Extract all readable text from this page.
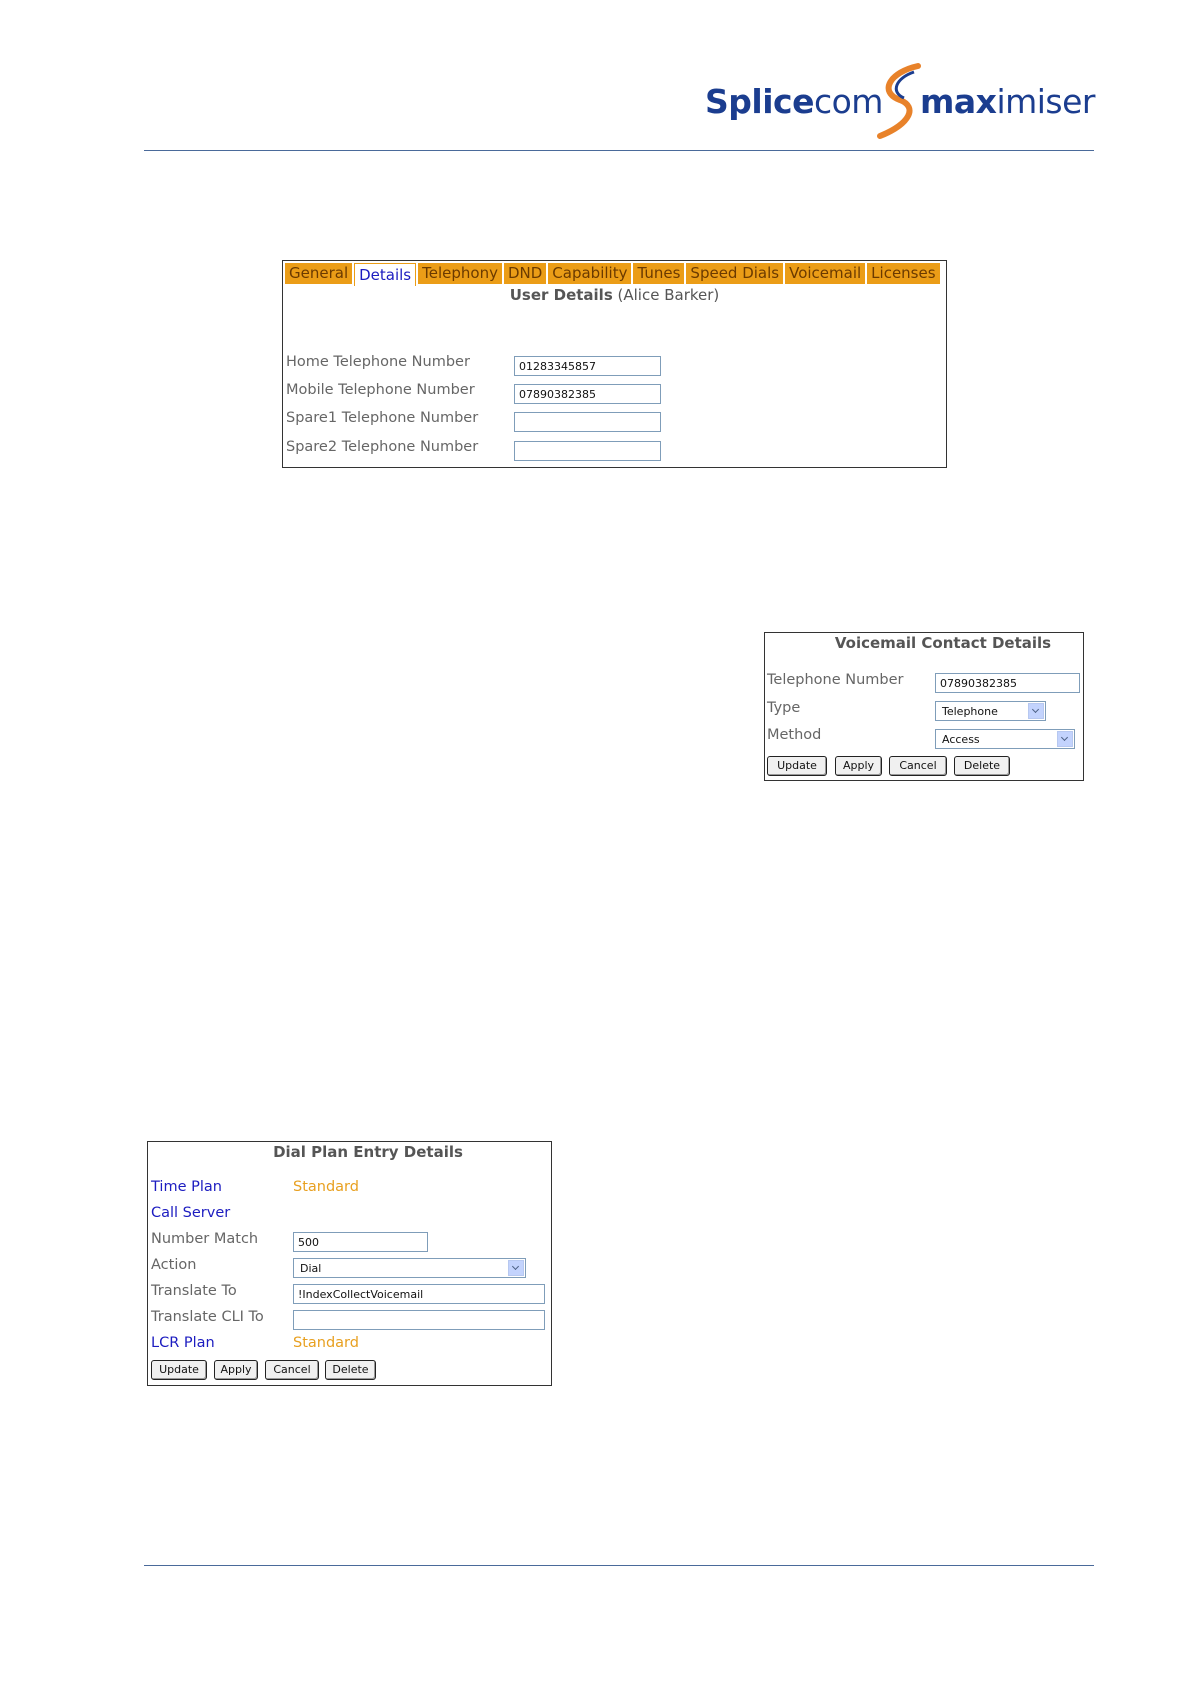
Splicecom maximiser
General Details Telephony DND Capability Tunes Speed Dials Voicemail Licenses
User Details (Alice Barker)
Home Telephone Number	01283345857
Mobile Telephone Number	07890382385
Spare1 Telephone Number
Spare2 Telephone Number
Voicemail Contact Details
Telephone Number	07890382385
Type	Telephone
Method	Access
Update	Apply	Cancel	Delete
Dial Plan Entry Details
Time Plan	Standard
Call Server
Number Match	500
Action	Dial
Translate To	!IndexCollectVoicemail
Translate CLI To
LCR Plan	Standard
Update	Apply	Cancel	Delete
